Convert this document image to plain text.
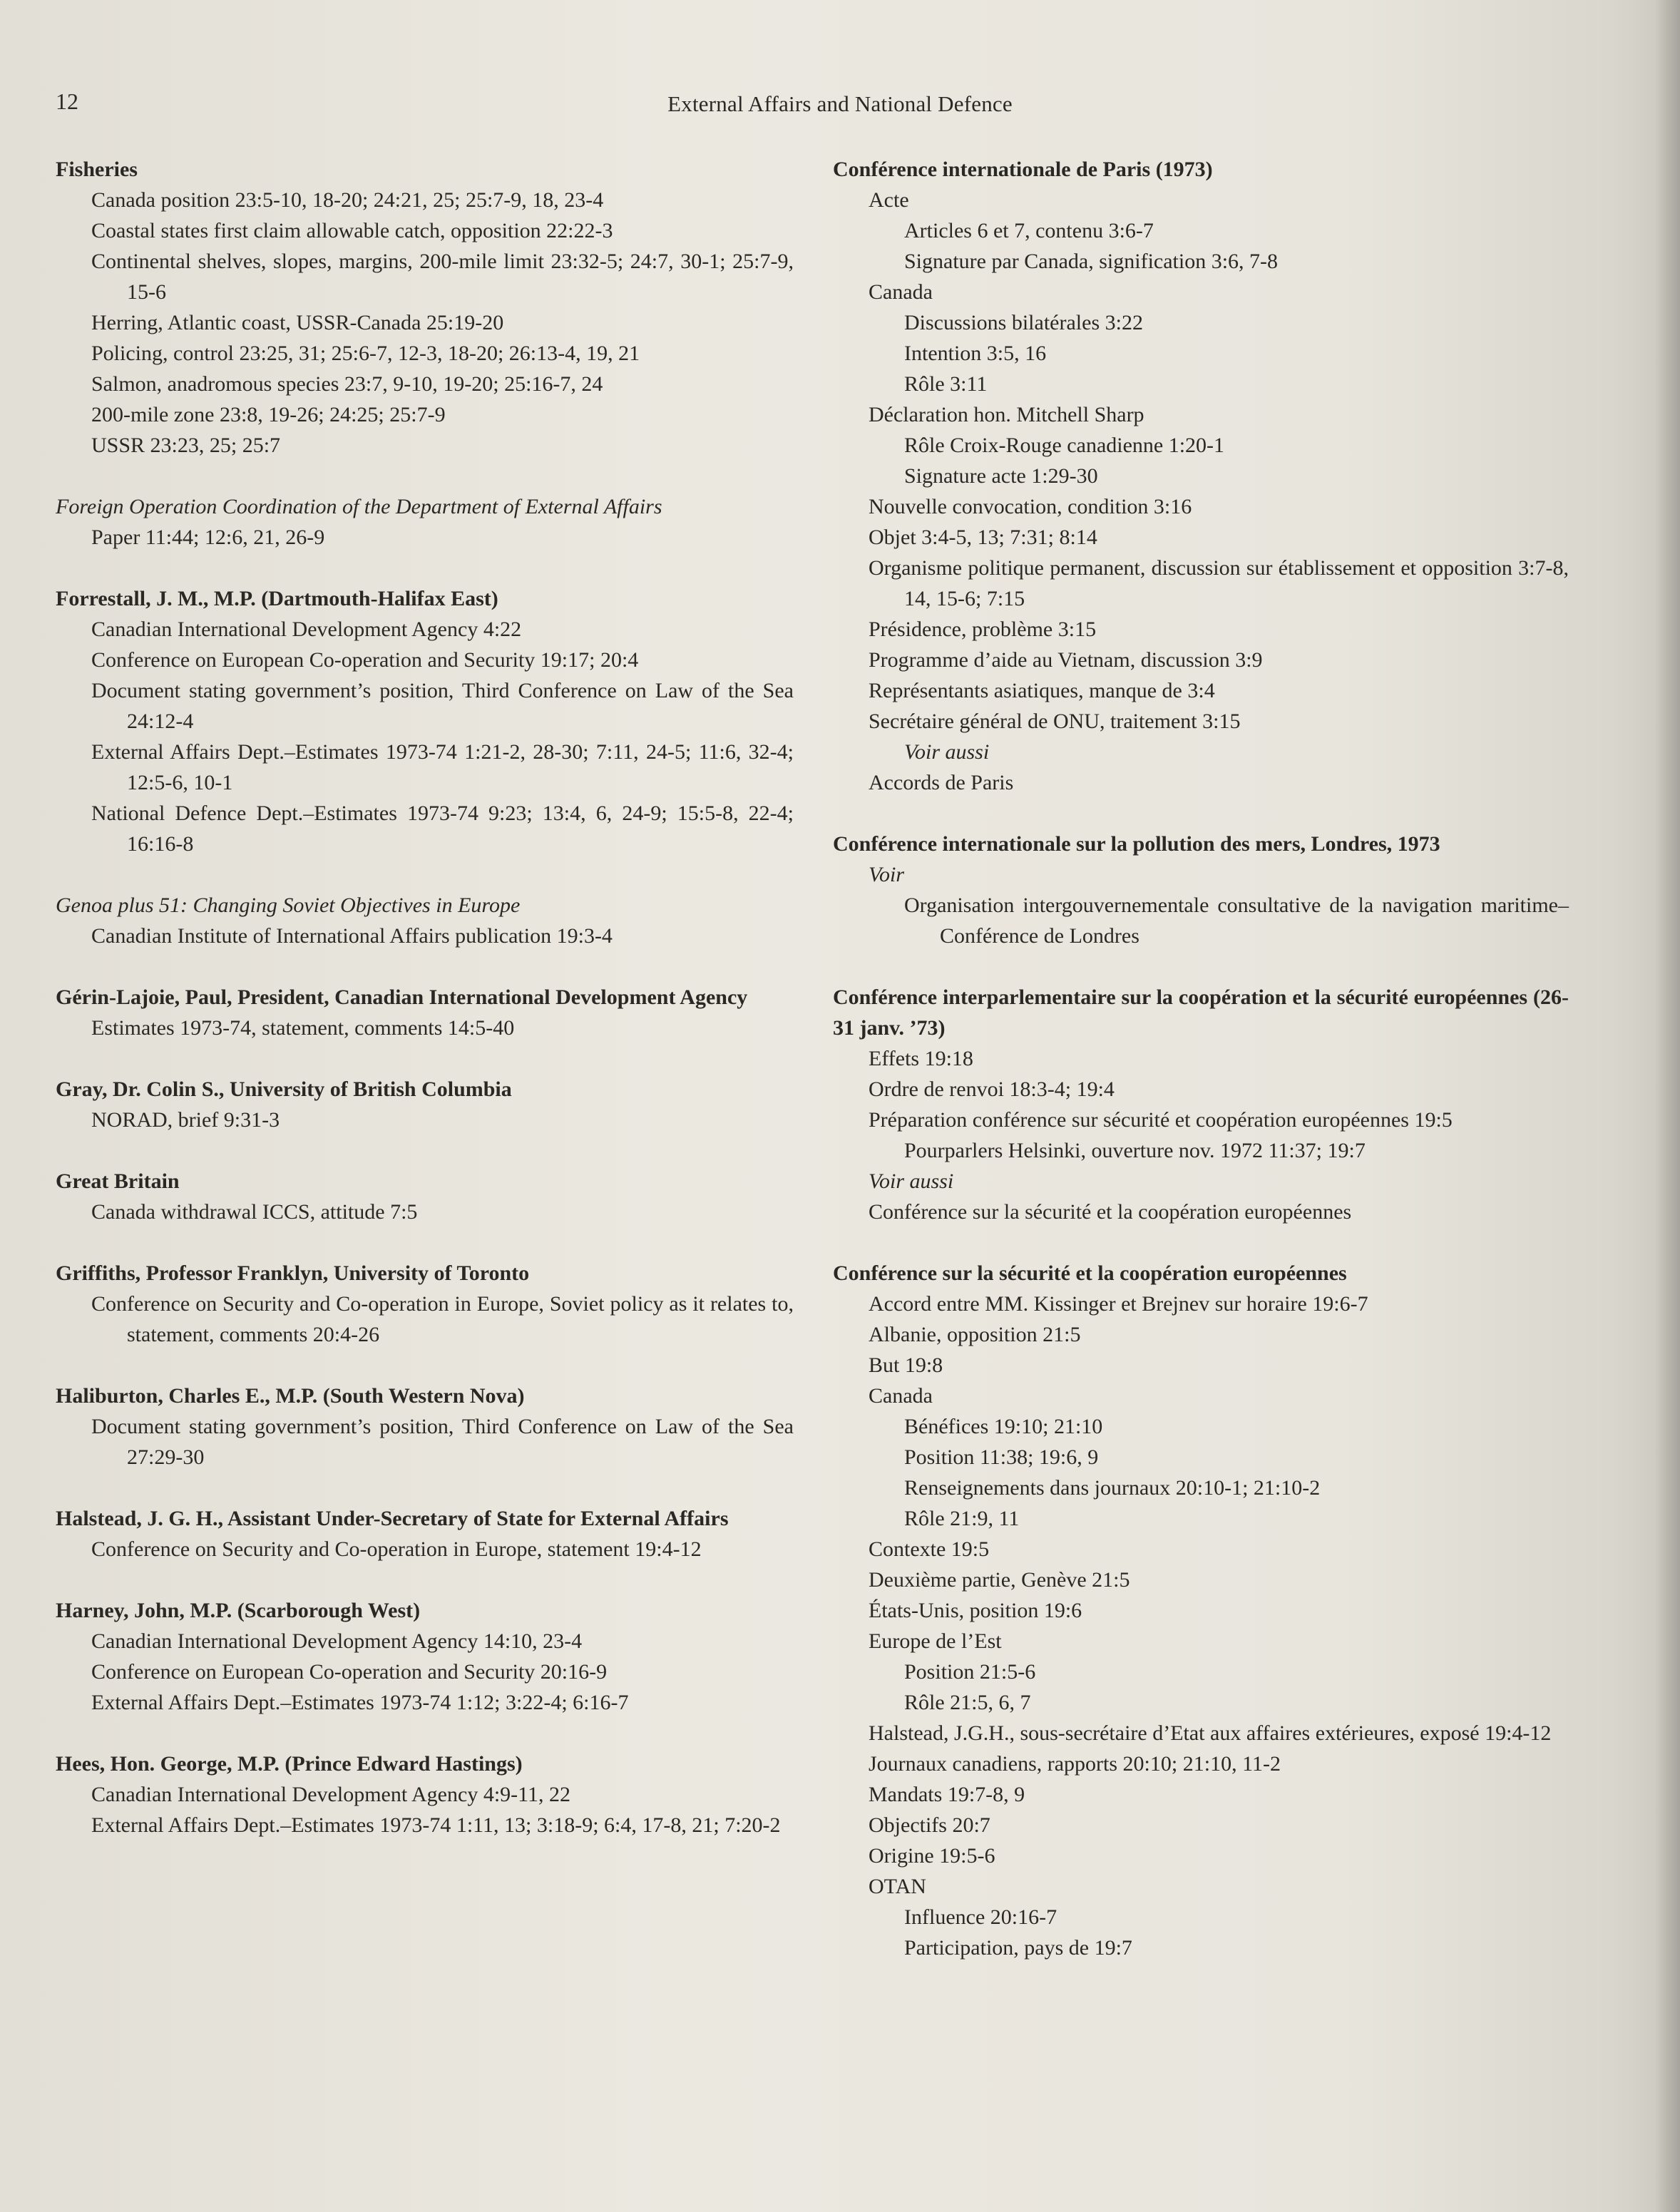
12	External Affairs and National Defence
Fisheries
Canada position 23:5-10, 18-20; 24:21, 25; 25:7-9, 18, 23-4
Coastal states first claim allowable catch, opposition 22:22-3
Continental shelves, slopes, margins, 200-mile limit 23:32-5; 24:7, 30-1; 25:7-9, 15-6
Herring, Atlantic coast, USSR-Canada 25:19-20
Policing, control 23:25, 31; 25:6-7, 12-3, 18-20; 26:13-4, 19, 21
Salmon, anadromous species 23:7, 9-10, 19-20; 25:16-7, 24
200-mile zone 23:8, 19-26; 24:25; 25:7-9
USSR 23:23, 25; 25:7
Foreign Operation Coordination of the Department of External Affairs
Paper 11:44; 12:6, 21, 26-9
Forrestall, J. M., M.P. (Dartmouth-Halifax East)
Canadian International Development Agency 4:22
Conference on European Co-operation and Security 19:17; 20:4
Document stating government’s position, Third Conference on Law of the Sea 24:12-4
External Affairs Dept.–Estimates 1973-74 1:21-2, 28-30; 7:11, 24-5; 11:6, 32-4; 12:5-6, 10-1
National Defence Dept.–Estimates 1973-74 9:23; 13:4, 6, 24-9; 15:5-8, 22-4; 16:16-8
Genoa plus 51: Changing Soviet Objectives in Europe
Canadian Institute of International Affairs publication 19:3-4
Gérin-Lajoie, Paul, President, Canadian International Development Agency
Estimates 1973-74, statement, comments 14:5-40
Gray, Dr. Colin S., University of British Columbia
NORAD, brief 9:31-3
Great Britain
Canada withdrawal ICCS, attitude 7:5
Griffiths, Professor Franklyn, University of Toronto
Conference on Security and Co-operation in Europe, Soviet policy as it relates to, statement, comments 20:4-26
Haliburton, Charles E., M.P. (South Western Nova)
Document stating government’s position, Third Conference on Law of the Sea 27:29-30
Halstead, J. G. H., Assistant Under-Secretary of State for External Affairs
Conference on Security and Co-operation in Europe, statement 19:4-12
Harney, John, M.P. (Scarborough West)
Canadian International Development Agency 14:10, 23-4
Conference on European Co-operation and Security 20:16-9
External Affairs Dept.–Estimates 1973-74 1:12; 3:22-4; 6:16-7
Hees, Hon. George, M.P. (Prince Edward Hastings)
Canadian International Development Agency 4:9-11, 22
External Affairs Dept.–Estimates 1973-74 1:11, 13; 3:18-9; 6:4, 17-8, 21; 7:20-2
Conférence internationale de Paris (1973)
Acte
Articles 6 et 7, contenu 3:6-7
Signature par Canada, signification 3:6, 7-8
Canada
Discussions bilatérales 3:22
Intention 3:5, 16
Rôle 3:11
Déclaration hon. Mitchell Sharp
Rôle Croix-Rouge canadienne 1:20-1
Signature acte 1:29-30
Nouvelle convocation, condition 3:16
Objet 3:4-5, 13; 7:31; 8:14
Organisme politique permanent, discussion sur établissement et opposition 3:7-8, 14, 15-6; 7:15
Présidence, problème 3:15
Programme d’aide au Vietnam, discussion 3:9
Représentants asiatiques, manque de 3:4
Secrétaire général de ONU, traitement 3:15
Voir aussi
Accords de Paris
Conférence internationale sur la pollution des mers, Londres, 1973
Voir
Organisation intergouvernementale consultative de la navigation maritime–Conférence de Londres
Conférence interparlementaire sur la coopération et la sécurité européennes (26-31 janv. ’73)
Effets 19:18
Ordre de renvoi 18:3-4; 19:4
Préparation conférence sur sécurité et coopération européennes 19:5
Pourparlers Helsinki, ouverture nov. 1972 11:37; 19:7
Voir aussi
Conférence sur la sécurité et la coopération européennes
Conférence sur la sécurité et la coopération européennes
Accord entre MM. Kissinger et Brejnev sur horaire 19:6-7
Albanie, opposition 21:5
But 19:8
Canada
Bénéfices 19:10; 21:10
Position 11:38; 19:6, 9
Renseignements dans journaux 20:10-1; 21:10-2
Rôle 21:9, 11
Contexte 19:5
Deuxième partie, Genève 21:5
États-Unis, position 19:6
Europe de l’Est
Position 21:5-6
Rôle 21:5, 6, 7
Halstead, J.G.H., sous-secrétaire d’Etat aux affaires extérieures, exposé 19:4-12
Journaux canadiens, rapports 20:10; 21:10, 11-2
Mandats 19:7-8, 9
Objectifs 20:7
Origine 19:5-6
OTAN
Influence 20:16-7
Participation, pays de 19:7
